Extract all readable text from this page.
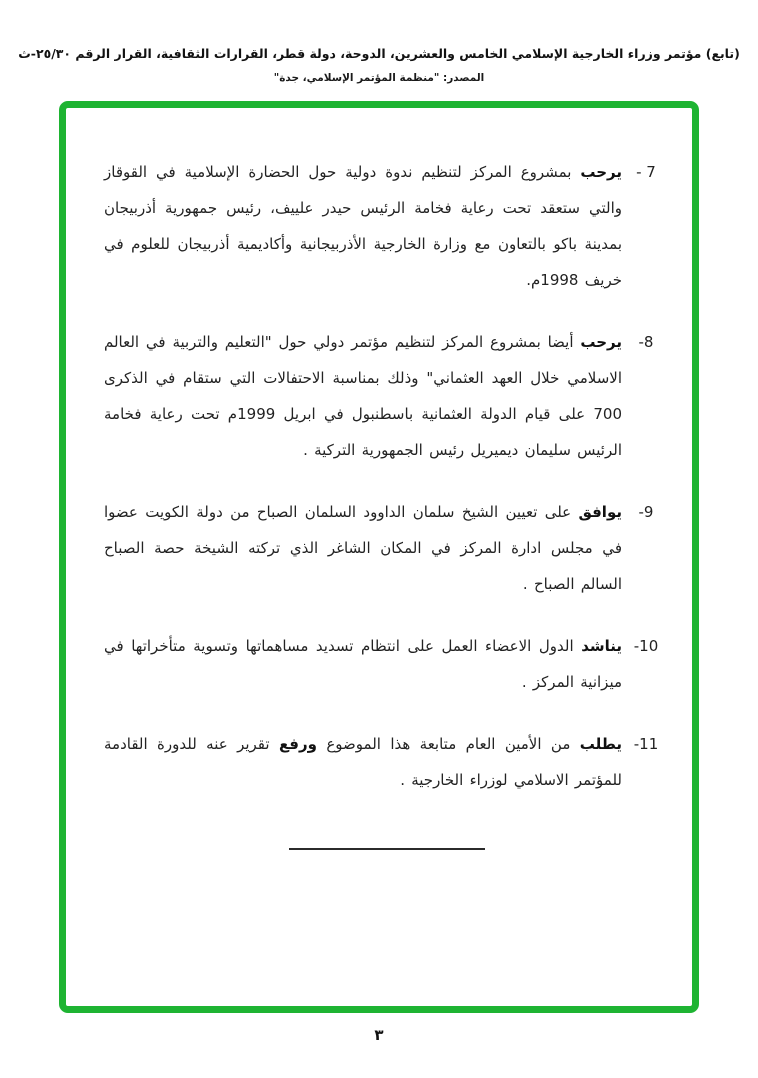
(تابع) مؤتمر وزراء الخارجية الإسلامي الخامس والعشرين، الدوحة، دولة قطر، القرارات الثقافية، القرار الرقم ٢٥/٣٠-ث
المصدر: "منظمة المؤتمر الإسلامي، جدة"
- 7
يرحب بمشروع المركز لتنظيم ندوة دولية حول الحضارة الإسلامية في القوقاز والتي ستعقد تحت رعاية فخامة الرئيس حيدر علييف، رئيس جمهورية أذربيجان بمدينة باكو بالتعاون مع وزارة الخارجية الأذربيجانية وأكاديمية أذربيجان للعلوم في خريف 1998م.
-8
يرحب أيضا بمشروع المركز لتنظيم مؤتمر دولي حول "التعليم والتربية في العالم الاسلامي خلال العهد العثماني" وذلك بمناسبة الاحتفالات التي ستقام في الذكرى 700 على قيام الدولة العثمانية باسطنبول في ابريل 1999م تحت رعاية فخامة الرئيس سليمان ديميريل رئيس الجمهورية التركية .
-9
يوافق على تعيين الشيخ سلمان الداوود السلمان الصباح من دولة الكويت عضوا في مجلس ادارة المركز في المكان الشاغر الذي تركته الشيخة حصة الصباح السالم الصباح .
-10
يناشد الدول الاعضاء العمل على انتظام تسديد مساهماتها وتسوية متأخراتها في ميزانية المركز .
-11
يطلب من الأمين العام متابعة هذا الموضوع ورفع تقرير عنه للدورة القادمة للمؤتمر الاسلامي لوزراء الخارجية .
٣
